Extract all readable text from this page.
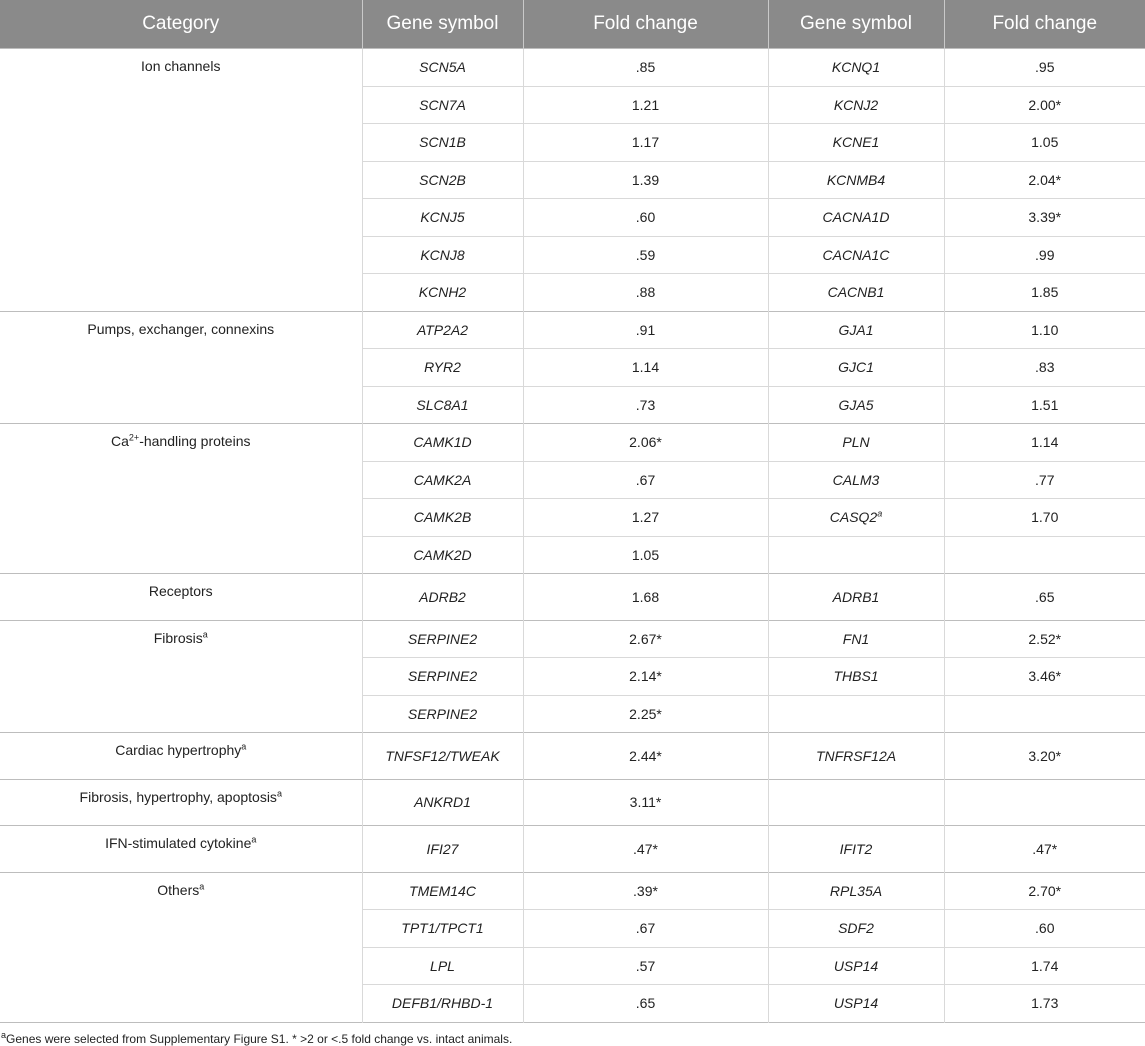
Category	Gene symbol	Fold change	Gene symbol	Fold change
Ion channels	SCN5A	.85	KCNQ1	.95
	SCN7A	1.21	KCNJ2	2.00*
	SCN1B	1.17	KCNE1	1.05
	SCN2B	1.39	KCNMB4	2.04*
	KCNJ5	.60	CACNA1D	3.39*
	KCNJ8	.59	CACNA1C	.99
	KCNH2	.88	CACNB1	1.85
Pumps, exchanger, connexins	ATP2A2	.91	GJA1	1.10
	RYR2	1.14	GJC1	.83
	SLC8A1	.73	GJA5	1.51
$Ca^{2+}$-handling proteins	CAMK1D	2.06*	PLN	1.14
	CAMK2A	.67	CALM3	.77
	CAMK2B	1.27	CASQ2$^a$	1.70
	CAMK2D	1.05		
Receptors	ADRB2	1.68	ADRB1	.65
Fibrosis$^a$	SERPINE2	2.67*	FN1	2.52*
	SERPINE2	2.14*	THBS1	3.46*
	SERPINE2	2.25*		
Cardiac hypertrophy$^a$	TNFSF12/TWEAK	2.44*	TNFRSF12A	3.20*
Fibrosis, hypertrophy, apoptosis$^a$	ANKRD1	3.11*		
IFN-stimulated cytokine$^a$	IFI27	.47*	IFIT2	.47*
Others$^a$	TMEM14C	.39*	RPL35A	2.70*
	TPT1/TPCT1	.67	SDF2	.60
	LPL	.57	USP14	1.74
	DEFB1/RHBD-1	.65	USP14	1.73
$^a$Genes were selected from Supplementary Figure S1. * >2 or <.5 fold change vs. intact animals.
